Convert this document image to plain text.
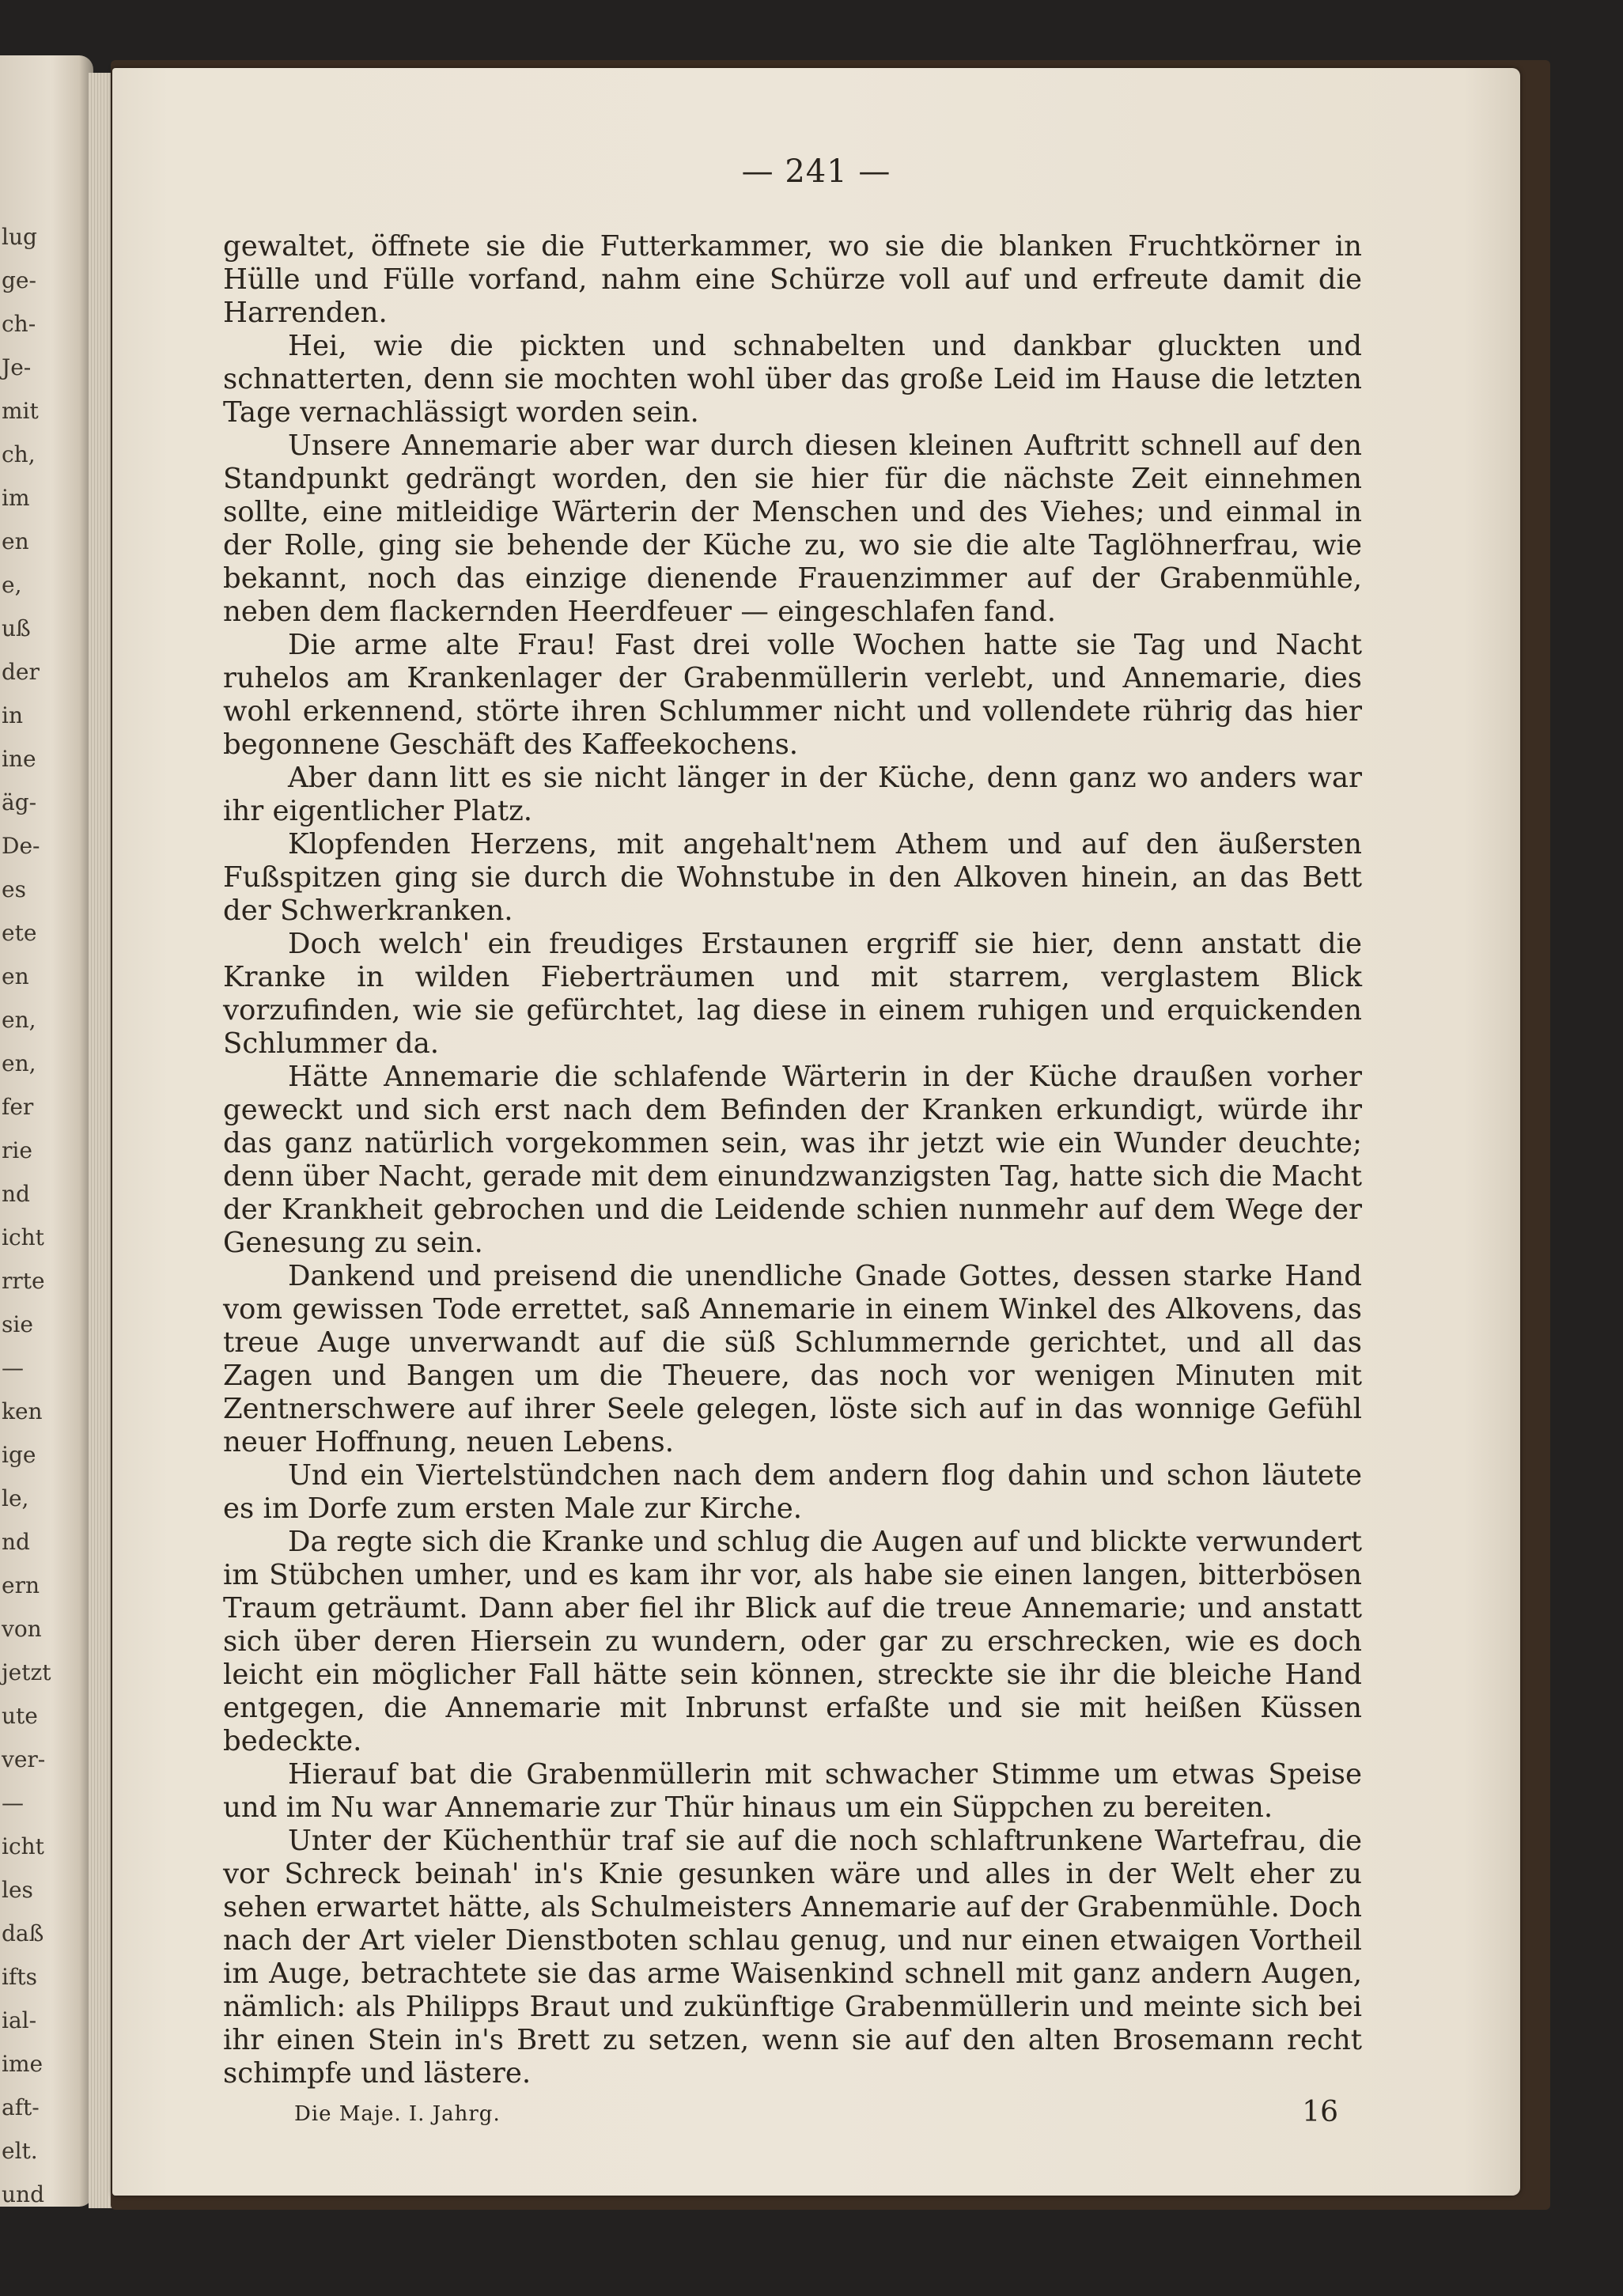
lug
ge-
ch-
Je-
mit
ch,
im
en
e,
uß
der
in
ine
äg-
De-
es
ete
en
en,
en,
fer
rie
nd
icht
rrte
sie
—
ken
ige
le,
nd
ern
von
jetzt
ute
ver-
—
icht
les
daß
ifts
ial-
ime
aft-
elt.
und
— 241 —

gewaltet, öffnete sie die Futterkammer, wo sie die blanken Fruchtkörner in Hülle und Fülle vorfand, nahm eine Schürze voll auf und erfreute damit die Harrenden.

Hei, wie die pickten und schnabelten und dankbar gluckten und schnatterten, denn sie mochten wohl über das große Leid im Hause die letzten Tage vernachlässigt worden sein.

Unsere Annemarie aber war durch diesen kleinen Auftritt schnell auf den Standpunkt gedrängt worden, den sie hier für die nächste Zeit einnehmen sollte, eine mitleidige Wärterin der Menschen und des Viehes; und einmal in der Rolle, ging sie behende der Küche zu, wo sie die alte Taglöhnerfrau, wie bekannt, noch das einzige dienende Frauenzimmer auf der Grabenmühle, neben dem flackernden Heerdfeuer — eingeschlafen fand.

Die arme alte Frau! Fast drei volle Wochen hatte sie Tag und Nacht ruhelos am Krankenlager der Grabenmüllerin verlebt, und Annemarie, dies wohl erkennend, störte ihren Schlummer nicht und vollendete rührig das hier begonnene Geschäft des Kaffeekochens.

Aber dann litt es sie nicht länger in der Küche, denn ganz wo anders war ihr eigentlicher Platz.

Klopfenden Herzens, mit angehalt'nem Athem und auf den äußersten Fußspitzen ging sie durch die Wohnstube in den Alkoven hinein, an das Bett der Schwerkranken.

Doch welch' ein freudiges Erstaunen ergriff sie hier, denn anstatt die Kranke in wilden Fieberträumen und mit starrem, verglastem Blick vorzufinden, wie sie gefürchtet, lag diese in einem ruhigen und erquickenden Schlummer da.

Hätte Annemarie die schlafende Wärterin in der Küche draußen vorher geweckt und sich erst nach dem Befinden der Kranken erkundigt, würde ihr das ganz natürlich vorgekommen sein, was ihr jetzt wie ein Wunder deuchte; denn über Nacht, gerade mit dem einundzwanzigsten Tag, hatte sich die Macht der Krankheit gebrochen und die Leidende schien nunmehr auf dem Wege der Genesung zu sein.

Dankend und preisend die unendliche Gnade Gottes, dessen starke Hand vom gewissen Tode errettet, saß Annemarie in einem Winkel des Alkovens, das treue Auge unverwandt auf die süß Schlummernde gerichtet, und all das Zagen und Bangen um die Theuere, das noch vor wenigen Minuten mit Zentnerschwere auf ihrer Seele gelegen, löste sich auf in das wonnige Gefühl neuer Hoffnung, neuen Lebens.

Und ein Viertelstündchen nach dem andern flog dahin und schon läutete es im Dorfe zum ersten Male zur Kirche.

Da regte sich die Kranke und schlug die Augen auf und blickte verwundert im Stübchen umher, und es kam ihr vor, als habe sie einen langen, bitterbösen Traum geträumt. Dann aber fiel ihr Blick auf die treue Annemarie; und anstatt sich über deren Hiersein zu wundern, oder gar zu erschrecken, wie es doch leicht ein möglicher Fall hätte sein können, streckte sie ihr die bleiche Hand entgegen, die Annemarie mit Inbrunst erfaßte und sie mit heißen Küssen bedeckte.

Hierauf bat die Grabenmüllerin mit schwacher Stimme um etwas Speise und im Nu war Annemarie zur Thür hinaus um ein Süppchen zu bereiten.

Unter der Küchenthür traf sie auf die noch schlaftrunkene Wartefrau, die vor Schreck beinah' in's Knie gesunken wäre und alles in der Welt eher zu sehen erwartet hätte, als Schulmeisters Annemarie auf der Grabenmühle. Doch nach der Art vieler Dienstboten schlau genug, und nur einen etwaigen Vortheil im Auge, betrachtete sie das arme Waisenkind schnell mit ganz andern Augen, nämlich: als Philipps Braut und zukünftige Grabenmüllerin und meinte sich bei ihr einen Stein in's Brett zu setzen, wenn sie auf den alten Brosemann recht schimpfe und lästere.

Die Maje. I. Jahrg.	16
